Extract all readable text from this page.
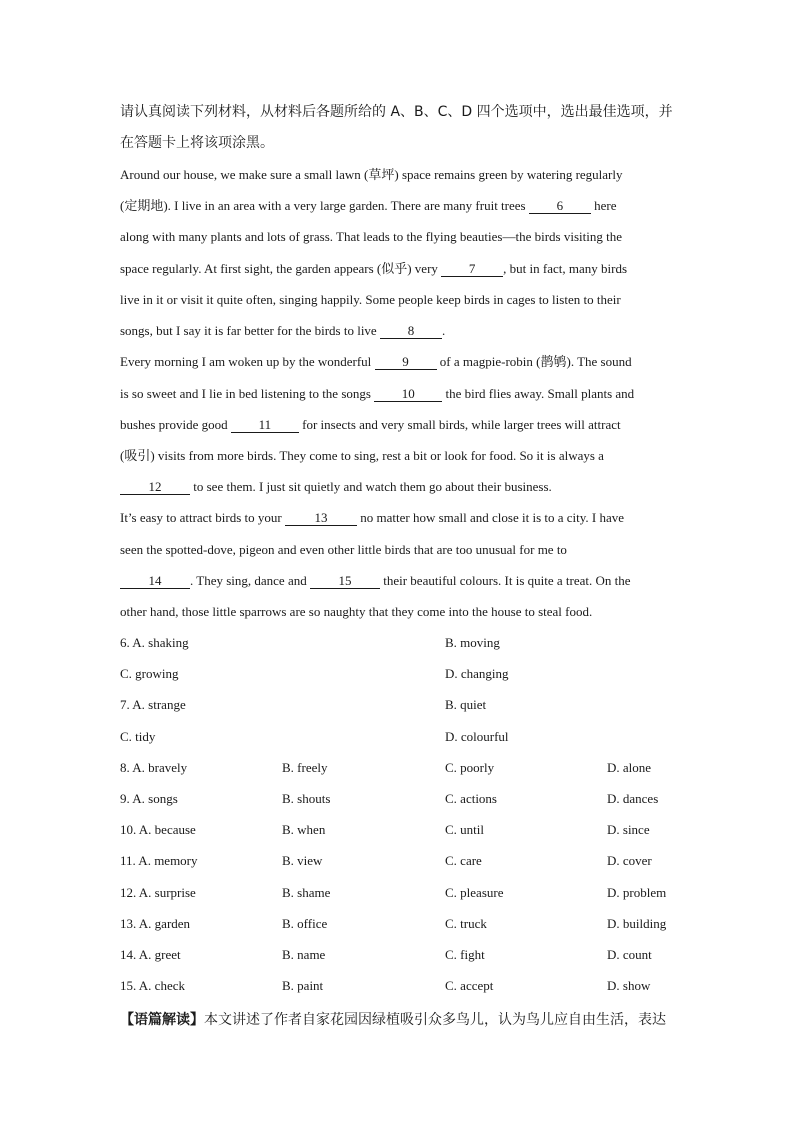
请认真阅读下列材料，从材料后各题所给的 A、B、C、D 四个选项中，选出最佳选项，并
在答题卡上将该项涂黑。
Around our house, we make sure a small lawn (草坪) space remains green by watering regularly
(定期地). I live in an area with a very large garden. There are many fruit trees 6 here
along with many plants and lots of grass. That leads to the flying beauties—the birds visiting the
space regularly. At first sight, the garden appears (似乎) very 7 , but in fact, many birds
live in it or visit it quite often, singing happily. Some people keep birds in cages to listen to their
songs, but I say it is far better for the birds to live 8 .
Every morning I am woken up by the wonderful 9 of a magpie-robin (鹊鸲). The sound
is so sweet and I lie in bed listening to the songs 10 the bird flies away. Small plants and
bushes provide good 11 for insects and very small birds, while larger trees will attract
(吸引) visits from more birds. They come to sing, rest a bit or look for food. So it is always a
12 to see them. I just sit quietly and watch them go about their business.
It’s easy to attract birds to your 13 no matter how small and close it is to a city. I have
seen the spotted-dove, pigeon and even other little birds that are too unusual for me to
14 . They sing, dance and 15 their beautiful colours. It is quite a treat. On the
other hand, those little sparrows are so naughty that they come into the house to steal food.
6. A. shaking	B. moving
C. growing	D. changing
7. A. strange	B. quiet
C. tidy	D. colourful
8. A. bravely	B. freely	C. poorly	D. alone
9. A. songs	B. shouts	C. actions	D. dances
10. A. because	B. when	C. until	D. since
11. A. memory	B. view	C. care	D. cover
12. A. surprise	B. shame	C. pleasure	D. problem
13. A. garden	B. office	C. truck	D. building
14. A. greet	B. name	C. fight	D. count
15. A. check	B. paint	C. accept	D. show
【语篇解读】本文讲述了作者自家花园因绿植吸引众多鸟儿，认为鸟儿应自由生活，表达
